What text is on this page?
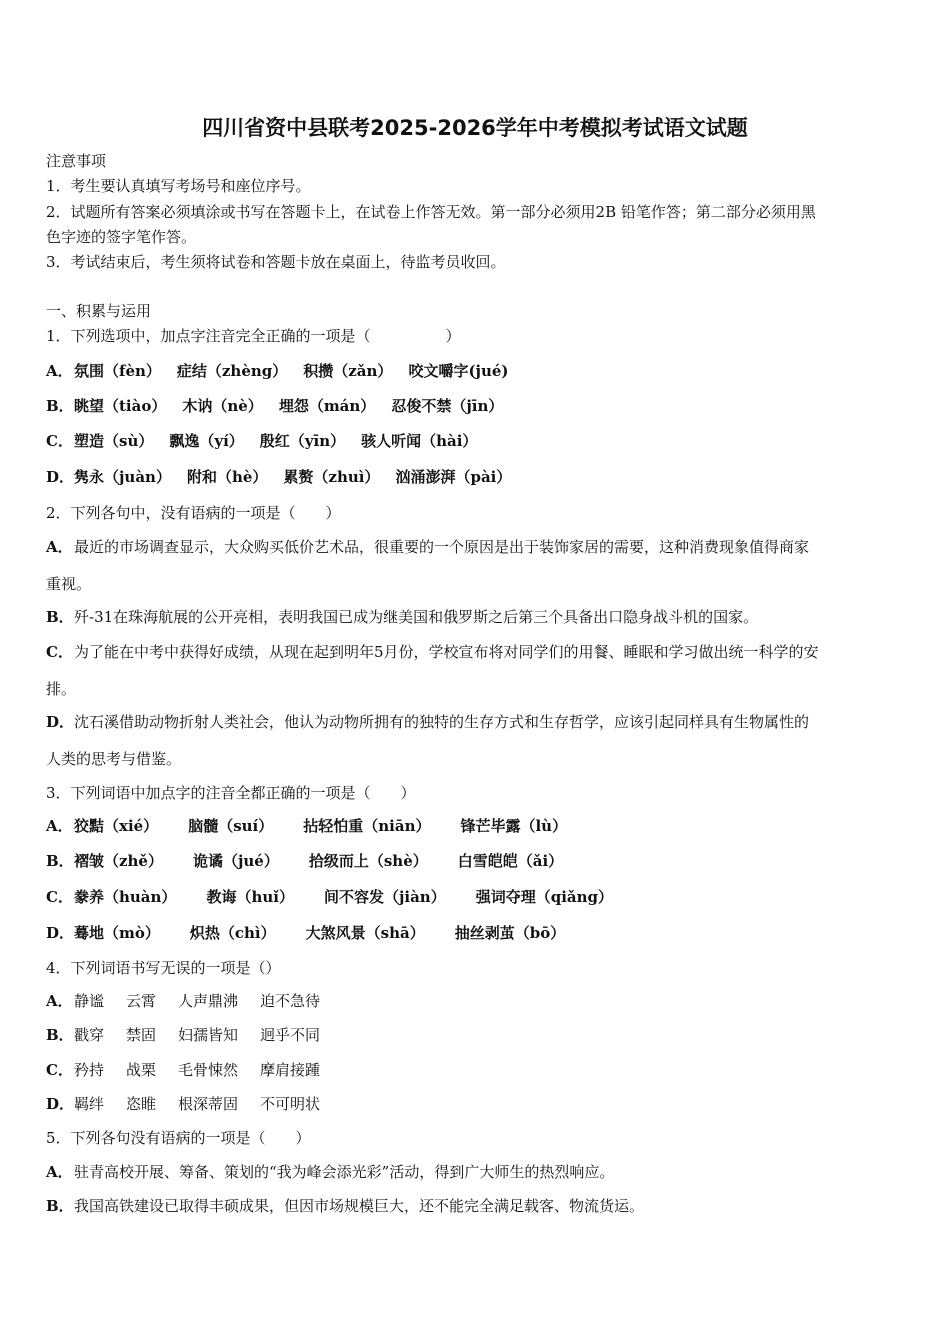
四川省资中县联考2025-2026学年中考模拟考试语文试题
注意事项
1．考生要认真填写考场号和座位序号。
2．试题所有答案必须填涂或书写在答题卡上，在试卷上作答无效。第一部分必须用2B 铅笔作答；第二部分必须用黑
色字迹的签字笔作答。
3．考试结束后，考生须将试卷和答题卡放在桌面上，待监考员收回。
一、积累与运用
1．下列选项中，加点字注音完全正确的一项是（　　　　　）
A．氛围（fèn） 症结（zhèng） 积攒（zǎn） 咬文嚼字(jué)
B．眺望（tiào） 木讷（nè） 埋怨（mán） 忍俊不禁（jīn）
C．塑造（sù） 飘逸（yí） 殷红（yīn） 骇人听闻（hài）
D．隽永（juàn） 附和（hè） 累赘（zhuì） 汹涌澎湃（pài）
2．下列各句中，没有语病的一项是（　　）
A．最近的市场调查显示，大众购买低价艺术品，很重要的一个原因是出于装饰家居的需要，这种消费现象值得商家
重视。
B．歼-31在珠海航展的公开亮相，表明我国已成为继美国和俄罗斯之后第三个具备出口隐身战斗机的国家。
C．为了能在中考中获得好成绩，从现在起到明年5月份，学校宣布将对同学们的用餐、睡眠和学习做出统一科学的安
排。
D．沈石溪借助动物折射人类社会，他认为动物所拥有的独特的生存方式和生存哲学，应该引起同样具有生物属性的
人类的思考与借鉴。
3．下列词语中加点字的注音全都正确的一项是（　　）
A．狡黠（xié） 脑髓（suí） 拈轻怕重（niān） 锋芒毕露（lù）
B．褶皱（zhě） 诡谲（jué） 拾级而上（shè） 白雪皑皑（ǎi）
C．豢养（huàn） 教诲（huǐ） 间不容发（jiàn） 强词夺理（qiǎng）
D．蓦地（mò） 炽热（chì） 大煞风景（shā） 抽丝剥茧（bō）
4．下列词语书写无误的一项是（）
A．静谧 云霄 人声鼎沸 迫不急待
B．戳穿 禁固 妇孺皆知 迥乎不同
C．矜持 战栗 毛骨悚然 摩肩接踵
D．羁绊 恣睢 根深蒂固 不可明状
5．下列各句没有语病的一项是（　　）
A．驻青高校开展、筹备、策划的“我为峰会添光彩”活动，得到广大师生的热烈响应。
B．我国高铁建设已取得丰硕成果，但因市场规模巨大，还不能完全满足载客、物流货运。
